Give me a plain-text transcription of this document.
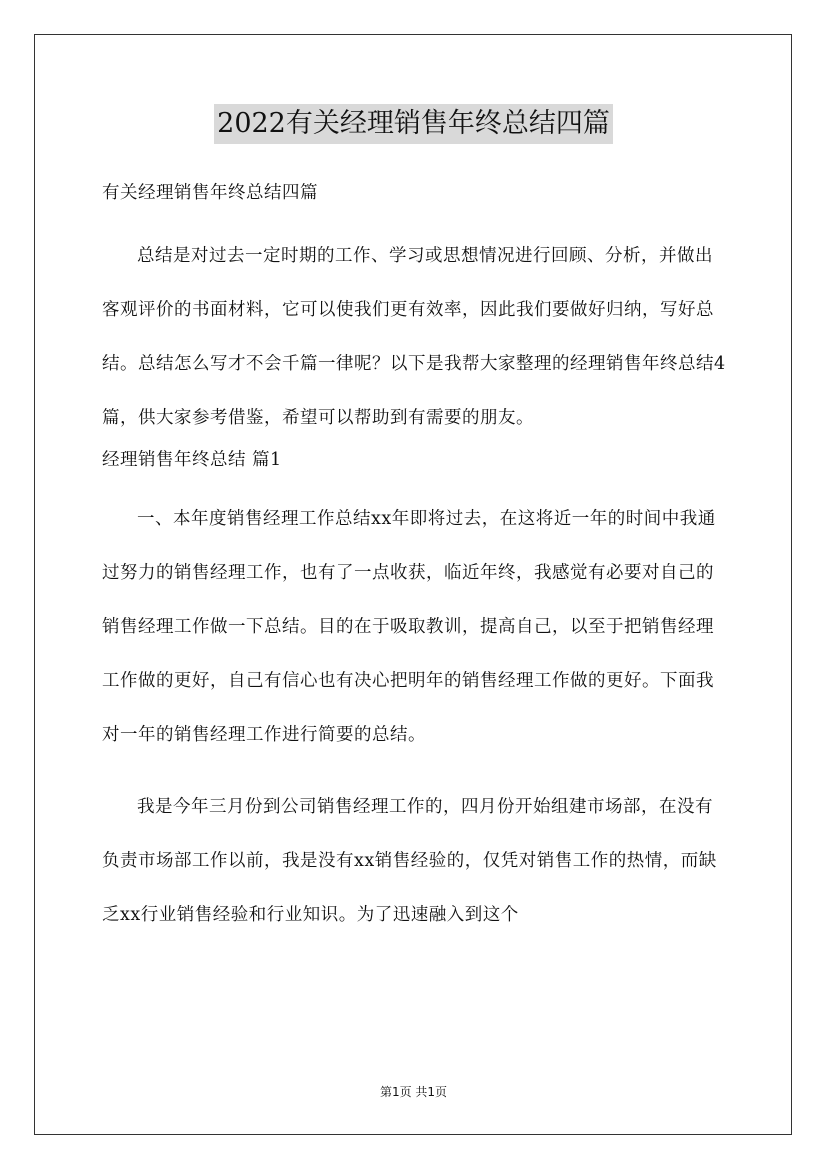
2022有关经理销售年终总结四篇

有关经理销售年终总结四篇

总结是对过去一定时期的工作、学习或思想情况进行回顾、分析，并做出客观评价的书面材料，它可以使我们更有效率，因此我们要做好归纳，写好总结。总结怎么写才不会千篇一律呢？以下是我帮大家整理的经理销售年终总结4篇，供大家参考借鉴，希望可以帮助到有需要的朋友。

经理销售年终总结 篇1

一、本年度销售经理工作总结xx年即将过去，在这将近一年的时间中我通过努力的销售经理工作，也有了一点收获，临近年终，我感觉有必要对自己的销售经理工作做一下总结。目的在于吸取教训，提高自己，以至于把销售经理工作做的更好，自己有信心也有决心把明年的销售经理工作做的更好。下面我对一年的销售经理工作进行简要的总结。

我是今年三月份到公司销售经理工作的，四月份开始组建市场部，在没有负责市场部工作以前，我是没有xx销售经验的，仅凭对销售工作的热情，而缺乏xx行业销售经验和行业知识。为了迅速融入到这个

第1页 共1页
